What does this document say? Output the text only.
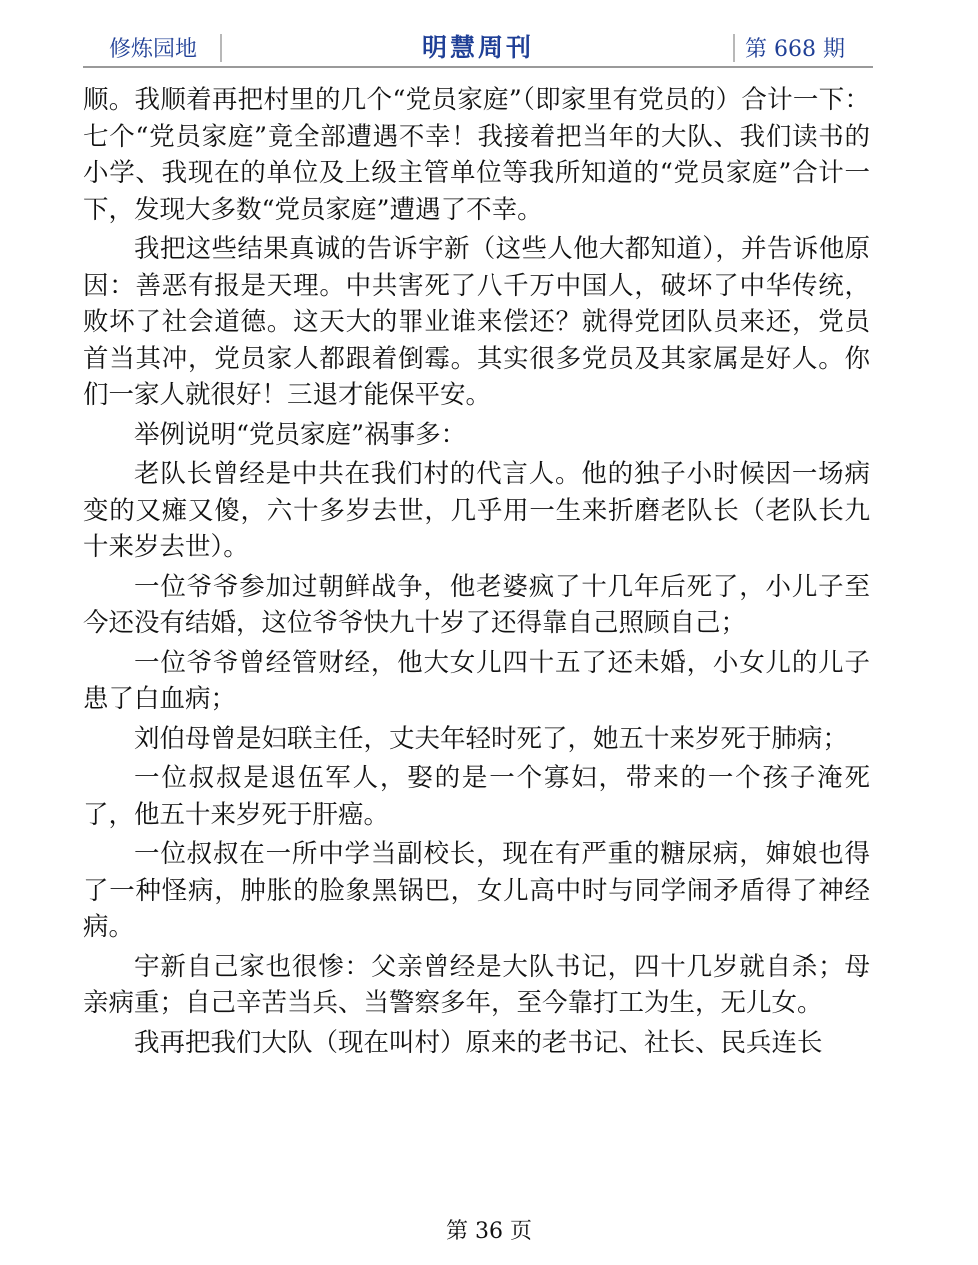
修炼园地	明慧周刊	第 668 期

顺。我顺着再把村里的几个“党员家庭”（即家里有党员的）合计一下：七个“党员家庭”竟全部遭遇不幸！我接着把当年的大队、我们读书的小学、我现在的单位及上级主管单位等我所知道的“党员家庭”合计一下，发现大多数“党员家庭”遭遇了不幸。

我把这些结果真诚的告诉宇新（这些人他大都知道），并告诉他原因：善恶有报是天理。中共害死了八千万中国人，破坏了中华传统，败坏了社会道德。这天大的罪业谁来偿还？就得党团队员来还，党员首当其冲，党员家人都跟着倒霉。其实很多党员及其家属是好人。你们一家人就很好！三退才能保平安。

举例说明“党员家庭”祸事多：

老队长曾经是中共在我们村的代言人。他的独子小时候因一场病变的又瘫又傻，六十多岁去世，几乎用一生来折磨老队长（老队长九十来岁去世）。

一位爷爷参加过朝鲜战争，他老婆疯了十几年后死了，小儿子至今还没有结婚，这位爷爷快九十岁了还得靠自己照顾自己；

一位爷爷曾经管财经，他大女儿四十五了还未婚，小女儿的儿子患了白血病；

刘伯母曾是妇联主任，丈夫年轻时死了，她五十来岁死于肺病；

一位叔叔是退伍军人，娶的是一个寡妇，带来的一个孩子淹死了，他五十来岁死于肝癌。

一位叔叔在一所中学当副校长，现在有严重的糖尿病，婶娘也得了一种怪病，肿胀的脸象黑锅巴，女儿高中时与同学闹矛盾得了神经病。

宇新自己家也很惨：父亲曾经是大队书记，四十几岁就自杀；母亲病重；自己辛苦当兵、当警察多年，至今靠打工为生，无儿女。

我再把我们大队（现在叫村）原来的老书记、社长、民兵连长

第 36 页
